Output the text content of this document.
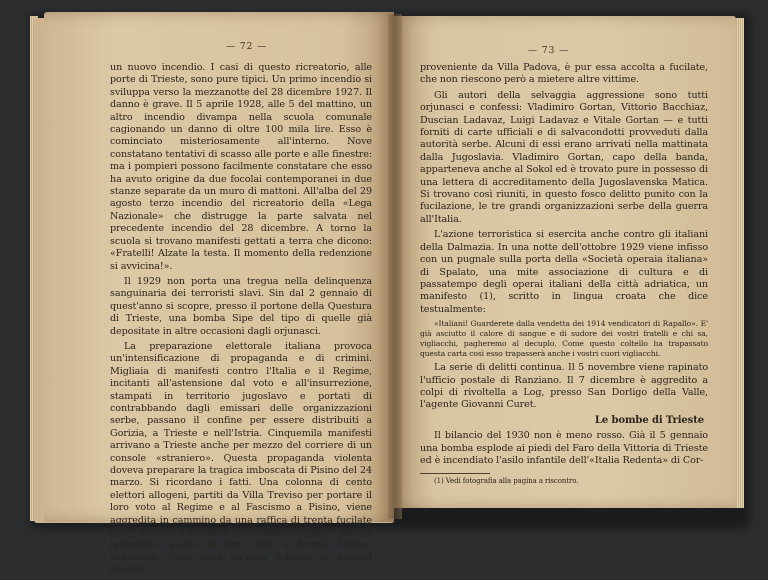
— 72 —	— 73 —

un nuovo incendio. I casi di questo ricreatorio, alle porte di Trieste, sono pure tipici. Un primo incendio si sviluppa verso la mezzanotte del 28 dicembre 1927. Il danno è grave. Il 5 aprile 1928, alle 5 del mattino, un altro incendio divampa nella scuola comunale cagionando un danno di oltre 100 mila lire. Esso è cominciato misteriosamente all'interno. Nove constatano tentativi di scasso alle porte e alle finestre: ma i pompieri possono facilmente constatare che esso ha avuto origine da due focolai contemporanei in due stanze separate da un muro di mattoni. All'alba del 29 agosto terzo incendio del ricreatorio della «Lega Nazionale» che distrugge la parte salvata nel precedente incendio del 28 dicembre. A torno la scuola si trovano manifesti gettati a terra che dicono: «Fratelli! Alzate la testa. Il momento della redenzione si avvicina!».

Il 1929 non porta una tregua nella delinquenza sanguinaria dei terroristi slavi. Sin dal 2 gennaio di quest'anno si scopre, presso il portone della Questura di Trieste, una bomba Sipe del tipo di quelle già depositate in altre occasioni dagli orjunasci.

La preparazione elettorale italiana provoca un'intensificazione di propaganda e di crimini. Migliaia di manifesti contro l'Italia e il Regime, incitanti all'astensione dal voto e all'insurrezione, stampati in territorio jugoslavo e portati di contrabbando dagli emissari delle organizzazioni serbe, passano il confine per essere distribuiti a Gorizia, a Trieste e nell'Istria. Cinquemila manifesti arrivano a Trieste anche per mezzo del corriere di un console «straniero». Questa propaganda violenta doveva preparare la tragica imboscata di Pisino del 24 marzo. Si ricordano i fatti. Una colonna di cento elettori allogeni, partiti da Villa Treviso per portare il loro voto al Regime e al Fascismo a Pisino, viene aggredita in cammino da una raffica di trenta fucilate che uccide l'allogeno Giovanni Tuctan, onesto lavoratore, padre di dieci figli, e ferisce Matteo Brasovich. Poco dopo un'altra colonna di elettori allogeni,

proveniente da Villa Padova, è pur essa accolta a fucilate, che non riescono però a mietere altre vittime.

Gli autori della selvaggia aggressione sono tutti orjunasci e confessi: Vladimiro Gortan, Vittorio Bacchiaz, Duscian Ladavaz, Luigi Ladavaz e Vitale Gortan — e tutti forniti di carte ufficiali e di salvacondotti provveduti dalla autorità serbe. Alcuni di essi erano arrivati nella mattinata dalla Jugoslavia. Vladimiro Gortan, capo della banda, apparteneva anche al Sokol ed è trovato pure in possesso di una lettera di accreditamento della Jugoslavenska Matica. Si trovano così riuniti, in questo fosco delitto punito con la fucilazione, le tre grandi organizzazioni serbe della guerra all'Italia.

L'azione terroristica si esercita anche contro gli italiani della Dalmazia. In una notte dell'ottobre 1929 viene infisso con un pugnale sulla porta della «Società operaia italiana» di Spalato, una mite associazione di cultura e di passatempo degli operai italiani della città adriatica, un manifesto (1), scritto in lingua croata che dice testualmente:

«Italiani! Guarderete dalla vendetta dei 1914 vendicatori di Rapallo». E' già asciutto il calore di sangue e di sudore dei vostri fratelli e chi sa, vigliacchi, pagheremo al decuplo. Come questo coltello ha trapassato questa carta così esso trapasserà anche i vostri cuori vigliacchi.

La serie di delitti continua. Il 5 novembre viene rapinato l'ufficio postale di Ranziano. Il 7 dicembre è aggredito a colpi di rivoltella a Log, presso San Dorligo della Valle, l'agente Giovanni Curet.

Le bombe di Trieste

Il bilancio del 1930 non è meno rosso. Già il 5 gennaio una bomba esplode ai piedi del Faro della Vittoria di Trieste ed è incendiato l'asilo infantile dell'«Italia Redenta» di Cor-

(1) Vedi fotografia alla pagina a riscontro.
